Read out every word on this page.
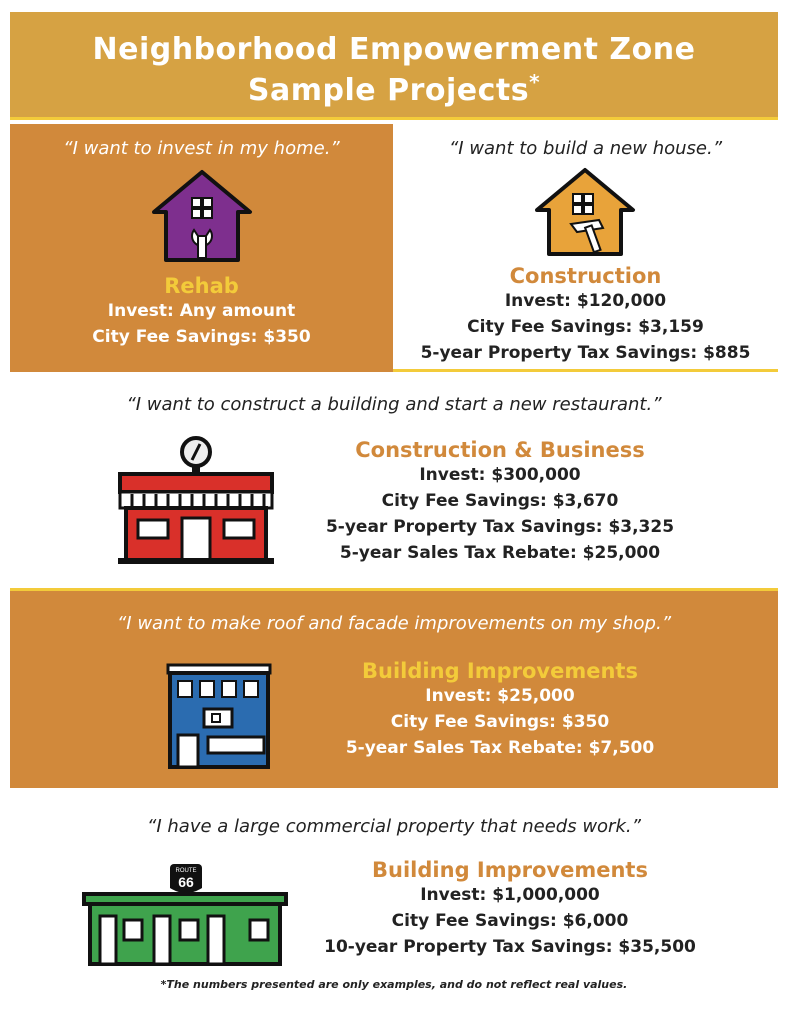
Neighborhood Empowerment Zone
Sample Projects*
“I want to invest in my home.”
Rehab
Invest: Any amount
City Fee Savings: $350
“I want to build a new house.”
Construction
Invest: $120,000
City Fee Savings: $3,159
5-year Property Tax Savings: $885
“I want to construct a building and start a new restaurant.”
Construction & Business
Invest: $300,000
City Fee Savings: $3,670
5-year Property Tax Savings: $3,325
5-year Sales Tax Rebate: $25,000
“I want to make roof and facade improvements on my shop.”
Building Improvements
Invest: $25,000
City Fee Savings: $350
5-year Sales Tax Rebate: $7,500
“I have a large commercial property that needs work.”
ROUTE
66	Building Improvements
Invest: $1,000,000
City Fee Savings: $6,000
10-year Property Tax Savings: $35,500
*The numbers presented are only examples, and do not reflect real values.
